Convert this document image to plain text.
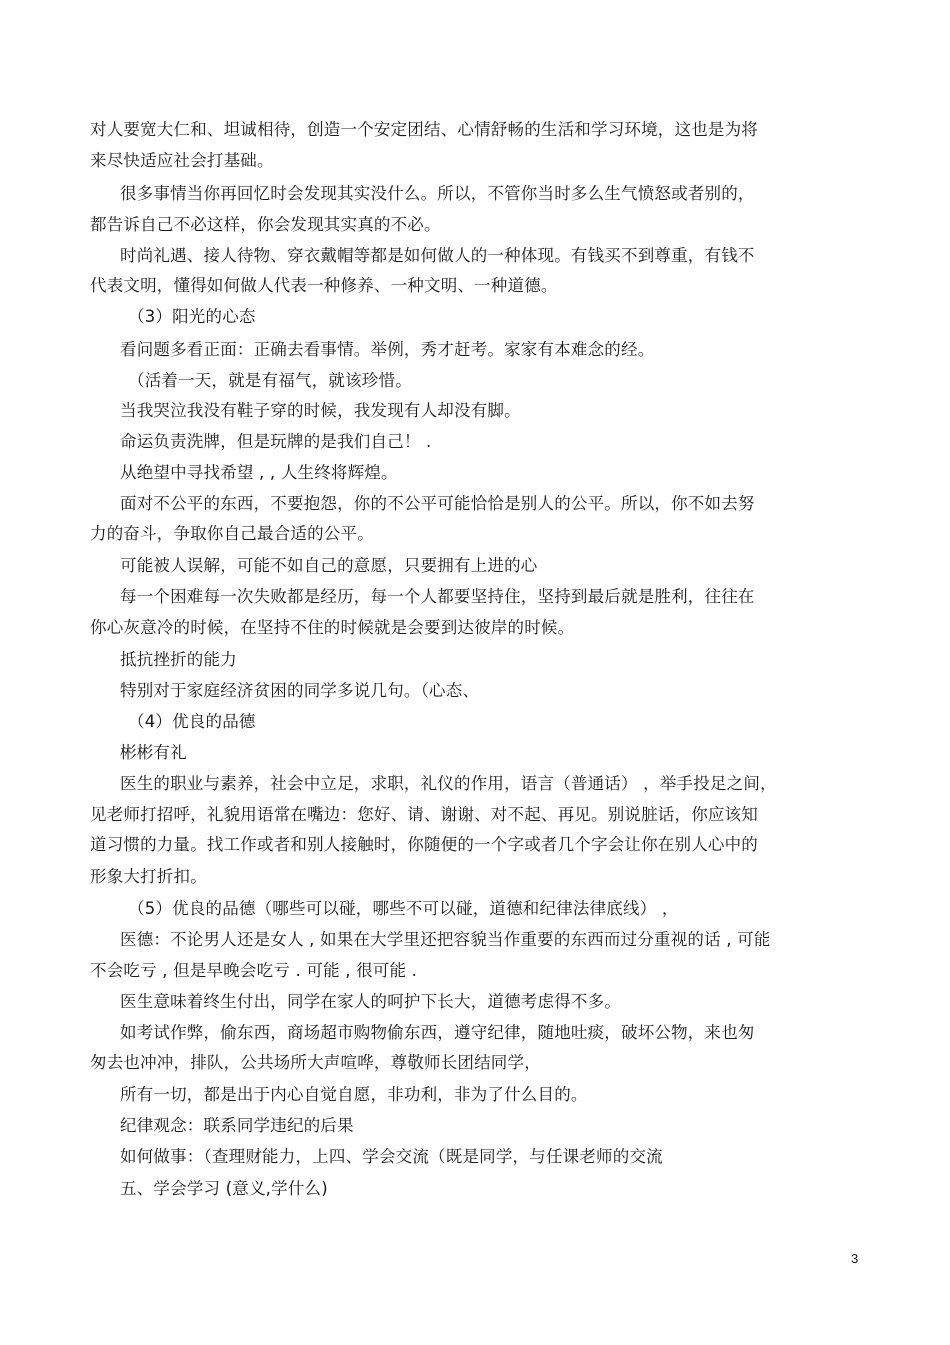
对人要宽大仁和、坦诚相待，创造一个安定团结、心情舒畅的生活和学习环境，这也是为将

来尽快适应社会打基础。

很多事情当你再回忆时会发现其实没什么。所以，不管你当时多么生气愤怒或者别的，

都告诉自己不必这样，你会发现其实真的不必。

时尚礼遇、接人待物、穿衣戴帽等都是如何做人的一种体现。有钱买不到尊重，有钱不

代表文明，懂得如何做人代表一种修养、一种文明、一种道德。

（3）阳光的心态

看问题多看正面：正确去看事情。举例，秀才赶考。家家有本难念的经。

（活着一天，就是有福气，就该珍惜。

当我哭泣我没有鞋子穿的时候，我发现有人却没有脚。

命运负责洗牌，但是玩牌的是我们自己！ .

从绝望中寻找希望 , , 人生终将辉煌。

面对不公平的东西，不要抱怨，你的不公平可能恰恰是别人的公平。所以，你不如去努

力的奋斗，争取你自己最合适的公平。

可能被人误解，可能不如自己的意愿，只要拥有上进的心

每一个困难每一次失败都是经历，每一个人都要坚持住，坚持到最后就是胜利，往往在

你心灰意冷的时候，在坚持不住的时候就是会要到达彼岸的时候。

抵抗挫折的能力

特别对于家庭经济贫困的同学多说几句。（心态、

（4）优良的品德

彬彬有礼

医生的职业与素养，社会中立足，求职，礼仪的作用，语言（普通话） ，举手投足之间，

见老师打招呼，礼貌用语常在嘴边：您好、请、谢谢、对不起、再见。别说脏话，你应该知

道习惯的力量。找工作或者和别人接触时，你随便的一个字或者几个字会让你在别人心中的

形象大打折扣。

（5）优良的品德（哪些可以碰，哪些不可以碰，道德和纪律法律底线） ，

医德：不论男人还是女人 , 如果在大学里还把容貌当作重要的东西而过分重视的话 , 可能

不会吃亏 , 但是早晚会吃亏 . 可能 , 很可能 .

医生意味着终生付出，同学在家人的呵护下长大，道德考虑得不多。

如考试作弊，偷东西，商场超市购物偷东西，遵守纪律，随地吐痰，破坏公物，来也匆

匆去也冲冲，排队，公共场所大声喧哗，尊敬师长团结同学，

所有一切，都是出于内心自觉自愿，非功利，非为了什么目的。

纪律观念：联系同学违纪的后果

如何做事：（查理财能力，上四、学会交流（既是同学，与任课老师的交流

五、学会学习 (意义,学什么)

3
